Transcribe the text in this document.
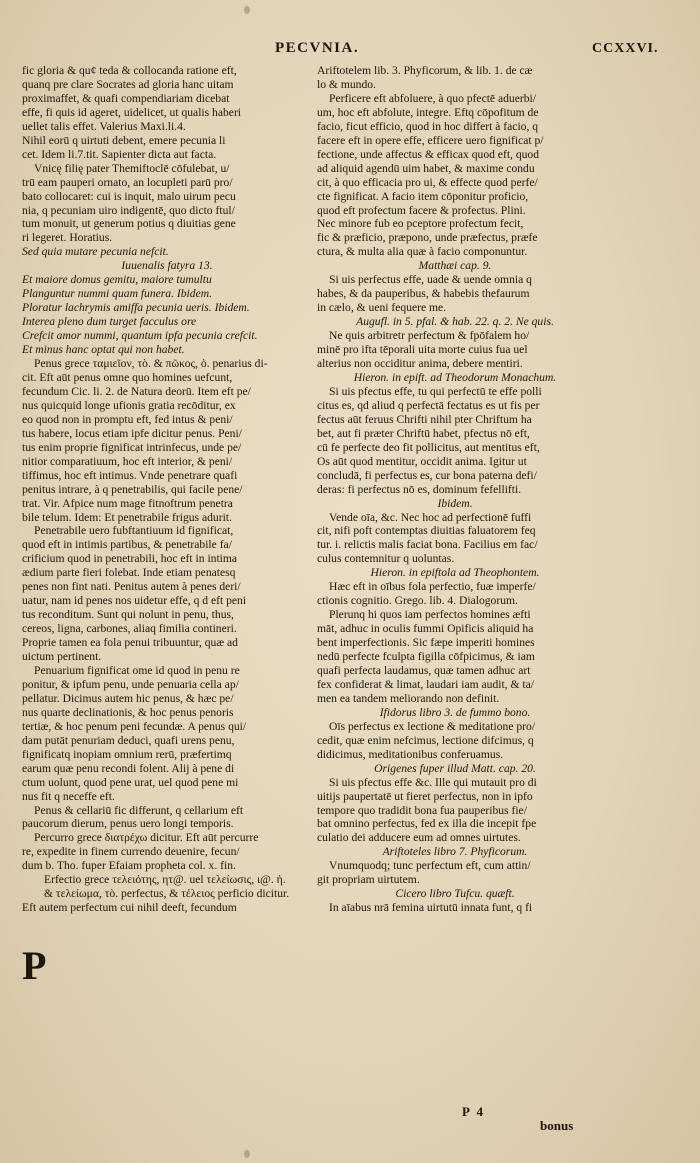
PECVNIA.	CCXXVI.

fic gloria & qu¢ teda & collocanda ratione eft,

quanq pre clare Socrates ad gloria hanc uitam

proximaffet, & quafi compendiariam dicebat

effe, fi quis id ageret, uidelicet, ut qualis haberi

uellet talis effet. Valerius Maxi.li.4.

Nihil eorū q uirtuti debent, emere pecunia li

cet. Idem li.7.tit. Sapienter dicta aut facta.

Vnicę filię pater Themiftoclē cōfulebat, u/

trū eam pauperi ornato, an locupleti parū pro/

bato collocaret: cui is inquit, malo uirum pecu

nia, q pecuniam uiro indigentē, quo dicto ftul/

tum monuit, ut generum potius q diuitias gene

ri legeret. Horatius.

Sed quia mutare pecunia nefcit.

Iuuenalis fatyra 13.

Et maiore domus gemitu, maiore tumultu

Planguntur nummi quam funera. Ibidem.

Ploratur lachrymis amiffa pecunia ueris. Ibidem.

Interea pleno dum turget facculus ore

Crefcit amor nummi, quantum ipfa pecunia crefcit.

Et minus hanc optat qui non habet.

Penus grece ταμιεῖον, τὸ. & πῶκος, ὁ. penarius di-

cit. Eft aūt penus omne quo homines uefcunt,

fecundum Cic. li. 2. de Natura deorū. Item eft pe/

nus quicquid longe ufionis gratia recōditur, ex

eo quod non in promptu eft, fed intus & peni/

tus habere, locus etiam ipfe dicitur penus. Peni/

tus enim proprie fignificat intrinfecus, unde pe/

nitior comparatiuum, hoc eft interior, & peni/

tiffimus, hoc eft intimus. Vnde penetrare quafi

penitus intrare, à q penetrabilis, qui facile pene/

trat. Vir. Afpice num mage fitnoftrum penetra

bile telum. Idem: Et penetrabile frigus adurit.

Penetrabile uero fubftantiuum id fignificat,

quod eft in intimis partibus, & penetrabile fa/

crificium quod in penetrabili, hoc eft in intima

ædium parte fieri folebat. Inde etiam penatesq

penes non fint nati. Penitus autem à penes deri/

uatur, nam id penes nos uidetur effe, q d eft peni

tus reconditum. Sunt qui nolunt in penu, thus,

cereos, ligna, carbones, aliaq fimilia contineri.

Proprie tamen ea fola penui tribuuntur, quæ ad

uictum pertinent.

Penuarium fignificat ome id quod in penu re

ponitur, & ipfum penu, unde penuaria cella ap/

pellatur. Dicimus autem hic penus, & hæc pe/

nus quarte declinationis, & hoc penus penoris

tertiæ, & hoc penum peni fecundæ. A penus qui/

dam putāt penuriam deduci, quafi urens penu,

fignificatq inopiam omnium rerū, præfertimq

earum quæ penu recondi folent. Alij à pene di

ctum uolunt, quod pene urat, uel quod pene mi

nus fit q neceffe eft.

Penus & cellariū fic differunt, q cellarium eft

paucorum dierum, penus uero longi temporis.

Percurro grece διατρέχω dicitur. Eft aūt percurre

re, expedite in finem currendo deuenire, fecun/

dum b. Tho. fuper Efaiam propheta col. x. fin.

Erfectio grece τελειότης, ητ@. uel τελείωσις, ι@. ἡ.

& τελείωμα, τὸ. perfectus, & τέλειος perficio dicitur.

Eft autem perfectum cui nihil deeft, fecundum

Ariftotelem lib. 3. Phyficorum, & lib. 1. de cæ

lo & mundo.

Perficere eft abfoluere, à quo pfectē aduerbi/

um, hoc eft abfolute, integre. Eftq cōpofitum de

facio, ficut efficio, quod in hoc differt à facio, q

facere eft in opere effe, efficere uero fignificat p/

fectione, unde affectus & efficax quod eft, quod

ad aliquid agendū uim habet, & maxime condu

cit, à quo efficacia pro ui, & effecte quod perfe/

cte fignificat. A facio item cōponitur proficio,

quod eft profectum facere & profectus. Plini.

Nec minore fub eo pceptore profectum fecit,

fic & præficio, præpono, unde præfectus, præfe

ctura, & multa alia quæ à facio componuntur.

Matthæi cap. 9.

Si uis perfectus effe, uade & uende omnia q

habes, & da pauperibus, & habebis thefaurum

in cælo, & ueni fequere me.

Augufl. in 5. pfal. & hab. 22. q. 2. Ne quis.

Ne quis arbitretr perfectum & fpōfalem ho/

minē pro ifta tēporali uita morte cuius fua uel

alterius non occiditur anima, debere mentiri.

Hieron. in epift. ad Theodorum Monachum.

Si uis pfectus effe, tu qui perfectū te effe polli

citus es, qd aliud q perfectā fectatus es ut fis per

fectus aūt feruus Chrifti nihil pter Chriftum ha

bet, aut fi præter Chriftū habet, pfectus nō eft,

cū fe perfecte deo fit pollicitus, aut mentitus eft,

Os aūt quod mentitur, occidit anima. Igitur ut

concludā, fi perfectus es, cur bona paterna defi/

deras: fi perfectus nō es, dominum fefellifti.

Ibidem.

Vende oīa, &c. Nec hoc ad perfectionē fuffi

cit, nifi poft contemptas diuitias faluatorem feq

tur. i. relictis malis faciat bona. Facilius em fac/

culus contemnitur q uoluntas.

Hieron. in epiftola ad Theophontem.

Hæc eft in oībus fola perfectio, fuæ imperfe/

ctionis cognitio. Grego. lib. 4. Dialogorum.

Plerunq hi quos iam perfectos homines æfti

māt, adhuc in oculis fummi Opificis aliquid ha

bent imperfectionis. Sic fæpe imperiti homines

nedū perfecte fculpta figilla cōfpicimus, & iam

quafi perfecta laudamus, quæ tamen adhuc art

fex confiderat & limat, laudari iam audit, & ta/

men ea tandem meliorando non definit.

Ifidorus libro 3. de fummo bono.

Oīs perfectus ex lectione & meditatione pro/

cedit, quæ enim nefcimus, lectione difcimus, q

didicimus, meditationibus conferuamus.

Origenes fuper illud Matt. cap. 20.

Si uis pfectus effe &c. Ille qui mutauit pro di

uitijs paupertatē ut fieret perfectus, non in ipfo

tempore quo tradidit bona fua pauperibus fie/

bat omnino perfectus, fed ex illa die incepit fpe

culatio dei adducere eum ad omnes uirtutes.

Ariftoteles libro 7. Phyficorum.

Vnumquodq; tunc perfectum eft, cum attin/

git propriam uirtutem.

Cicero libro Tufcu. quæft.

In aīabus nrā femina uirtutū innata funt, q fi

P
P 4
bonus
